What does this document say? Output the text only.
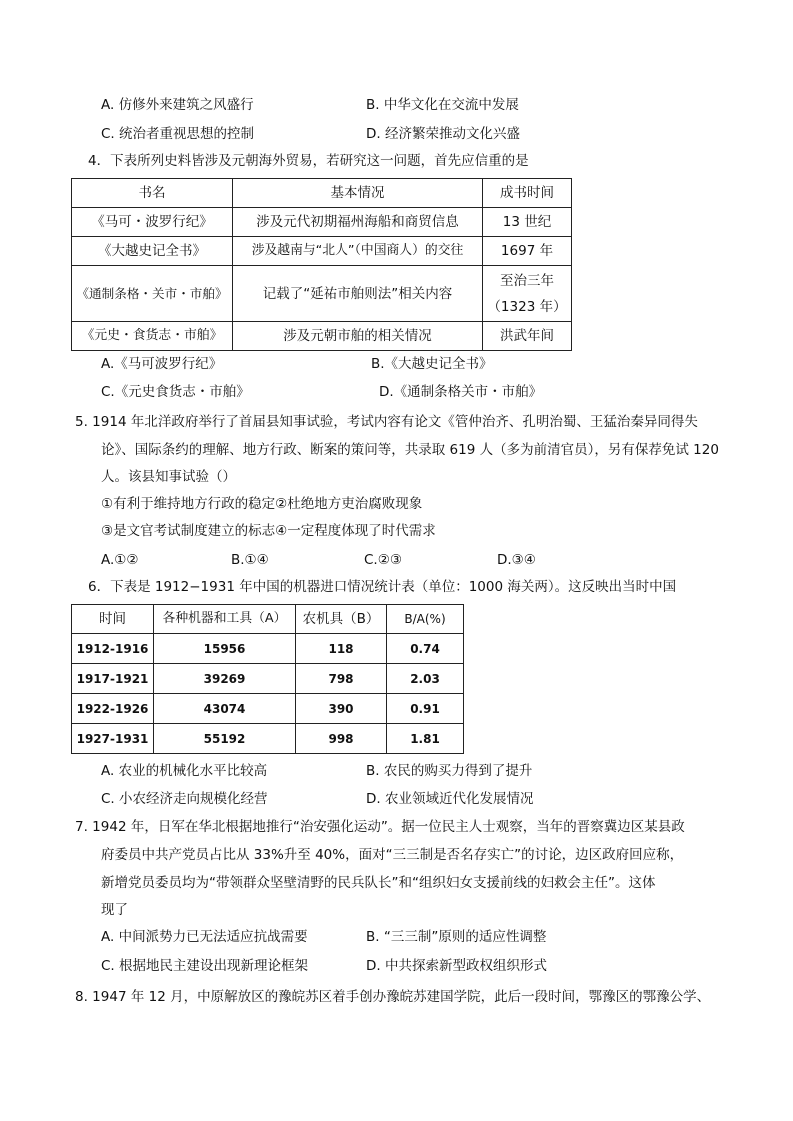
A. 仿修外来建筑之风盛行	B. 中华文化在交流中发展
C. 统治者重视思想的控制	D. 经济繁荣推动文化兴盛
4．下表所列史料皆涉及元朝海外贸易，若研究这一问题，首先应信重的是
书名	基本情况	成书时间
《马可・波罗行纪》	涉及元代初期福州海船和商贸信息	13 世纪
《大越史记全书》	涉及越南与“北人”（中国商人）的交往	1697 年
《通制条格・关市・市舶》	记载了“延祐市舶则法”相关内容	至治三年
（1323 年）

《元史・食货志・市舶》	涉及元朝市舶的相关情况	洪武年间
A.《马可波罗行纪》	B.《大越史记全书》
C.《元史食货志・市舶》	D.《通制条格关市・市舶》
5. 1914 年北洋政府举行了首届县知事试验，考试内容有论文《管仲治齐、孔明治蜀、王猛治秦异同得失
论》、国际条约的理解、地方行政、断案的策问等，共录取 619 人（多为前清官员），另有保荐免试 120
人。该县知事试验（）
①有利于维持地方行政的稳定②杜绝地方吏治腐败现象
③是文官考试制度建立的标志④一定程度体现了时代需求
A.①②	B.①④	C.②③	D.③④
6．下表是 1912−1931 年中国的机器进口情况统计表（单位：1000 海关两）。这反映出当时中国
时间	各种机器和工具（A）	农机具（B）	B/A(%)
1912-1916	15956	118	0.74
1917-1921	39269	798	2.03
1922-1926	43074	390	0.91
1927-1931	55192	998	1.81
A. 农业的机械化水平比较高	B. 农民的购买力得到了提升
C. 小农经济走向规模化经营	D. 农业领域近代化发展情况
7. 1942 年，日军在华北根据地推行“治安强化运动”。据一位民主人士观察，当年的晋察冀边区某县政
府委员中共产党员占比从 33%升至 40%，面对“三三制是否名存实亡”的讨论，边区政府回应称，
新增党员委员均为“带领群众坚壁清野的民兵队长”和“组织妇女支援前线的妇救会主任”。这体
现了
A. 中间派势力已无法适应抗战需要	B. “三三制”原则的适应性调整
C. 根据地民主建设出现新理论框架	D. 中共探索新型政权组织形式
8. 1947 年 12 月，中原解放区的豫皖苏区着手创办豫皖苏建国学院，此后一段时间，鄂豫区的鄂豫公学、
